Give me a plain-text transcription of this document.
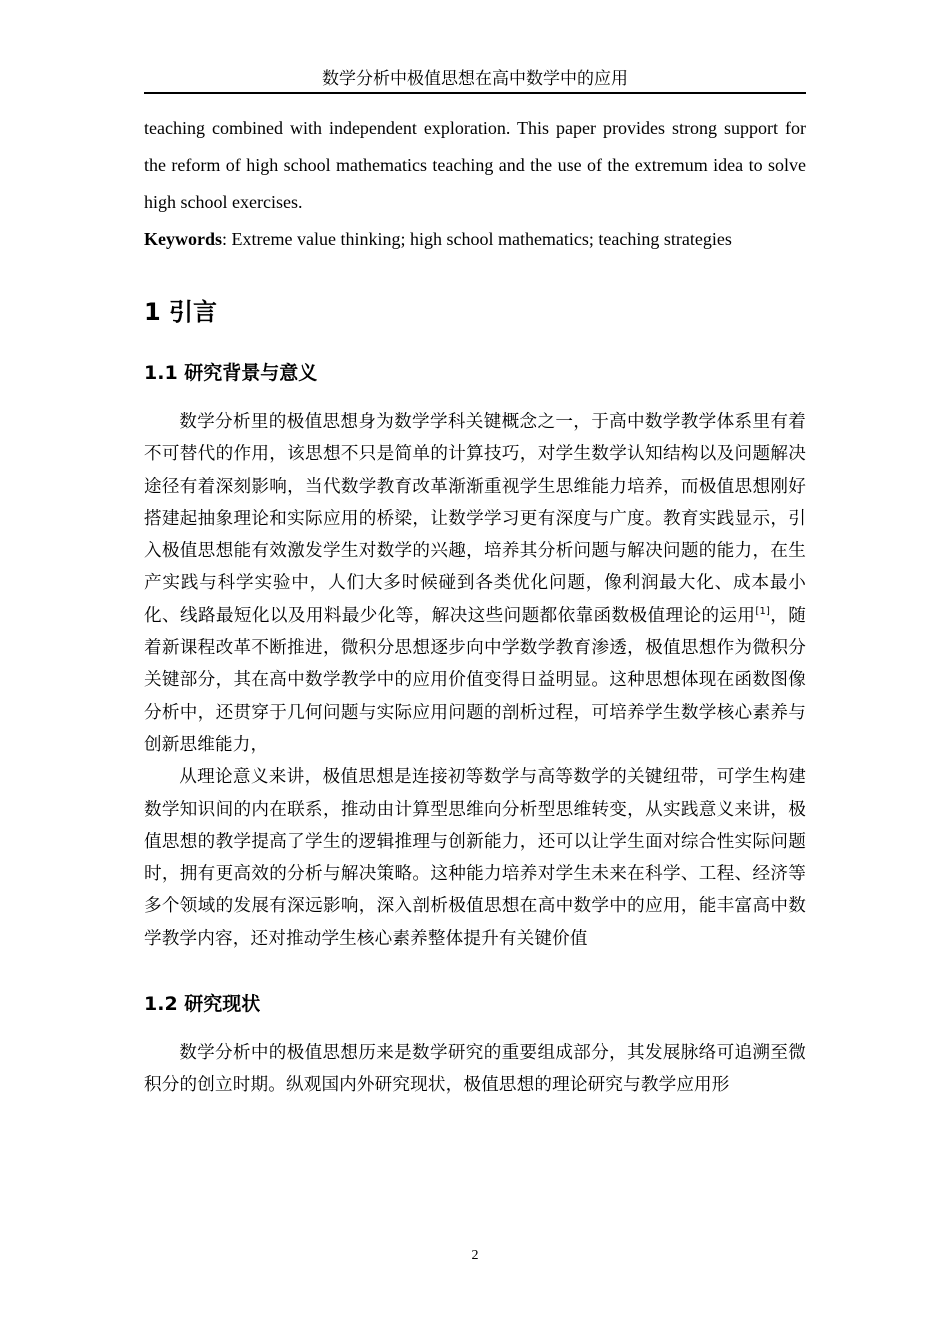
数学分析中极值思想在高中数学中的应用

teaching combined with independent exploration. This paper provides strong support for the reform of high school mathematics teaching and the use of the extremum idea to solve high school exercises.

Keywords: Extreme value thinking; high school mathematics; teaching strategies

1 引言
1.1 研究背景与意义

数学分析里的极值思想身为数学学科关键概念之一，于高中数学教学体系里有着不可替代的作用，该思想不只是简单的计算技巧，对学生数学认知结构以及问题解决途径有着深刻影响，当代数学教育改革渐渐重视学生思维能力培养，而极值思想刚好搭建起抽象理论和实际应用的桥梁，让数学学习更有深度与广度。教育实践显示，引入极值思想能有效激发学生对数学的兴趣，培养其分析问题与解决问题的能力，在生产实践与科学实验中，人们大多时候碰到各类优化问题，像利润最大化、成本最小化、线路最短化以及用料最少化等，解决这些问题都依靠函数极值理论的运用[1]，随着新课程改革不断推进，微积分思想逐步向中学数学教育渗透，极值思想作为微积分关键部分，其在高中数学教学中的应用价值变得日益明显。这种思想体现在函数图像分析中，还贯穿于几何问题与实际应用问题的剖析过程，可培养学生数学核心素养与创新思维能力，

从理论意义来讲，极值思想是连接初等数学与高等数学的关键纽带，可学生构建数学知识间的内在联系，推动由计算型思维向分析型思维转变，从实践意义来讲，极值思想的教学提高了学生的逻辑推理与创新能力，还可以让学生面对综合性实际问题时，拥有更高效的分析与解决策略。这种能力培养对学生未来在科学、工程、经济等多个领域的发展有深远影响，深入剖析极值思想在高中数学中的应用，能丰富高中数学教学内容，还对推动学生核心素养整体提升有关键价值

1.2 研究现状

数学分析中的极值思想历来是数学研究的重要组成部分，其发展脉络可追溯至微积分的创立时期。纵观国内外研究现状，极值思想的理论研究与教学应用形

2
